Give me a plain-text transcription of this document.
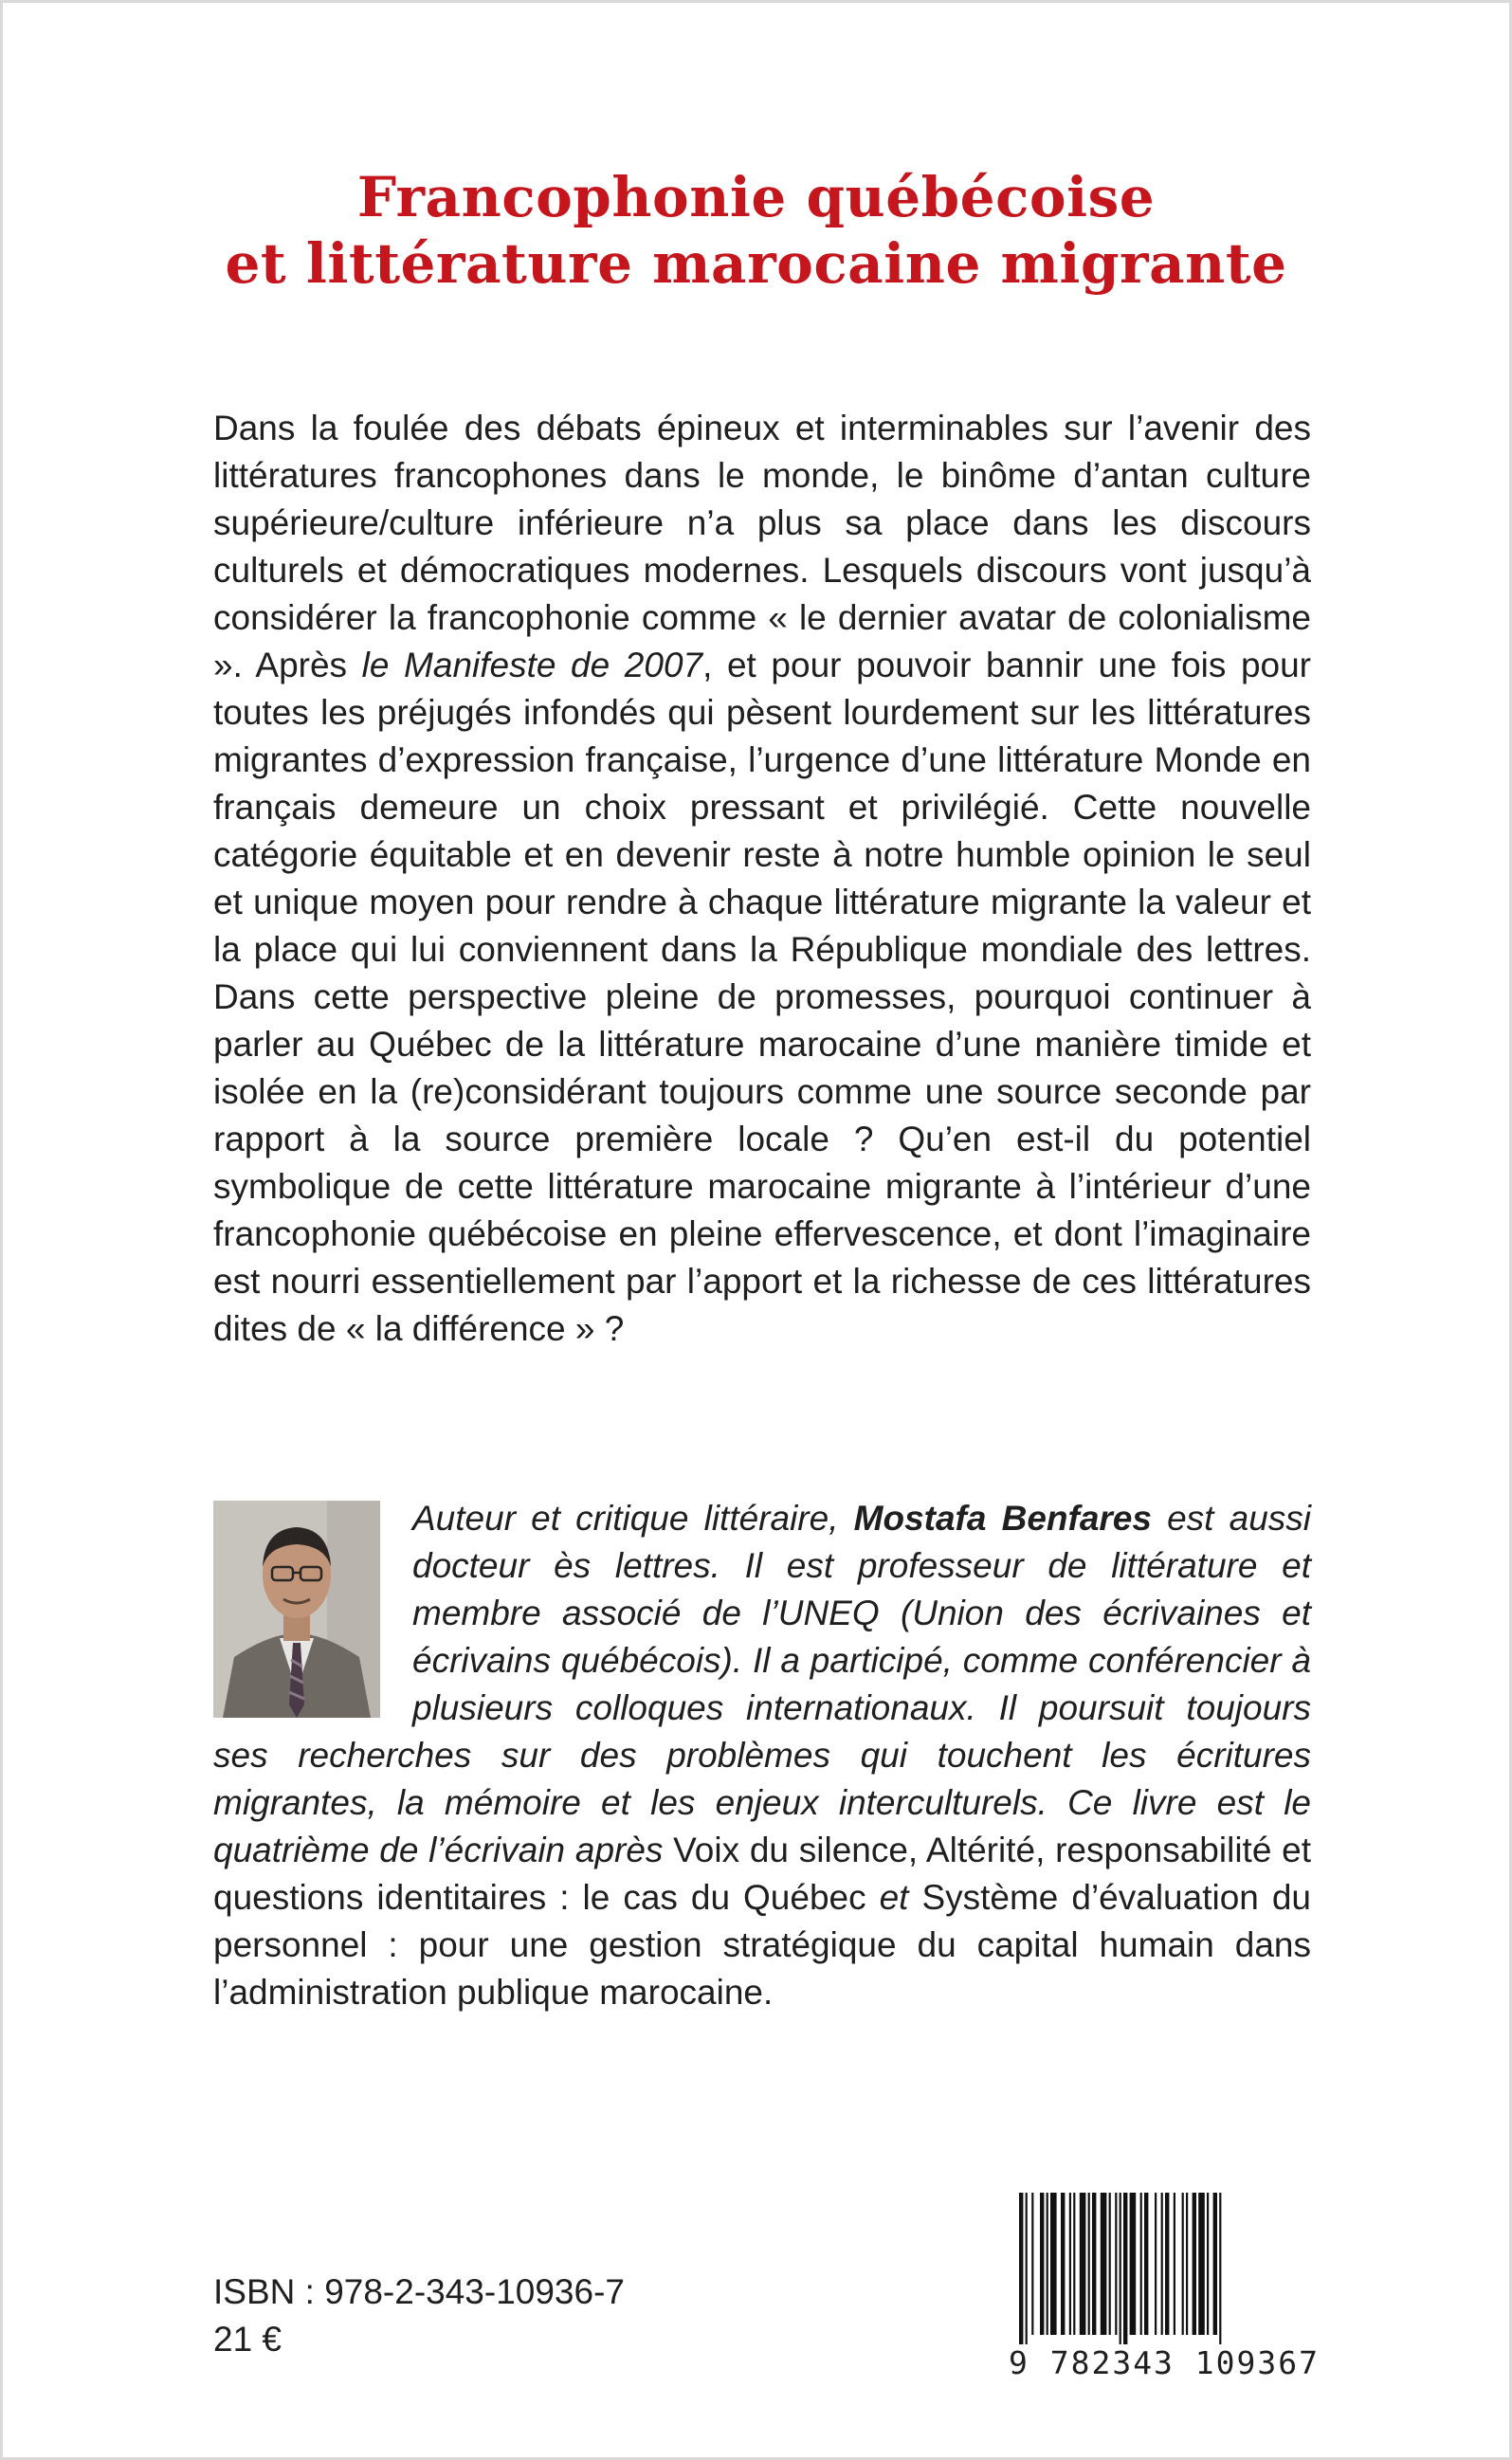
Francophonie québécoise
et littérature marocaine migrante

Dans la foulée des débats épineux et interminables sur l’avenir des littératures francophones dans le monde, le binôme d’antan culture supérieure/culture inférieure n’a plus sa place dans les discours culturels et démocratiques modernes. Lesquels discours vont jusqu’à considérer la francophonie comme « le dernier avatar de colonialisme ». Après le Manifeste de 2007, et pour pouvoir bannir une fois pour toutes les préjugés infondés qui pèsent lourdement sur les littératures migrantes d’expression française, l’urgence d’une littérature Monde en français demeure un choix pressant et privilégié. Cette nouvelle catégorie équitable et en devenir reste à notre humble opinion le seul et unique moyen pour rendre à chaque littérature migrante la valeur et la place qui lui conviennent dans la République mondiale des lettres. Dans cette perspective pleine de promesses, pourquoi continuer à parler au Québec de la littérature marocaine d’une manière timide et isolée en la (re)considérant toujours comme une source seconde par rapport à la source première locale ? Qu’en est-il du potentiel symbolique de cette littérature marocaine migrante à l’intérieur d’une francophonie québécoise en pleine effervescence, et dont l’imaginaire est nourri essentiellement par l’apport et la richesse de ces littératures dites de « la différence » ?

Auteur et critique littéraire, Mostafa Benfares est aussi docteur ès lettres. Il est professeur de littérature et membre associé de l’UNEQ (Union des écrivaines et écrivains québécois). Il a participé, comme conférencier à plusieurs colloques internationaux. Il poursuit toujours ses recherches sur des problèmes qui touchent les écritures migrantes, la mémoire et les enjeux interculturels. Ce livre est le quatrième de l’écrivain après Voix du silence, Altérité, responsabilité et questions identitaires : le cas du Québec et Système d’évaluation du personnel : pour une gestion stratégique du capital humain dans l’administration publique marocaine.

ISBN : 978-2-343-10936-7
21 €
9 782343 109367
